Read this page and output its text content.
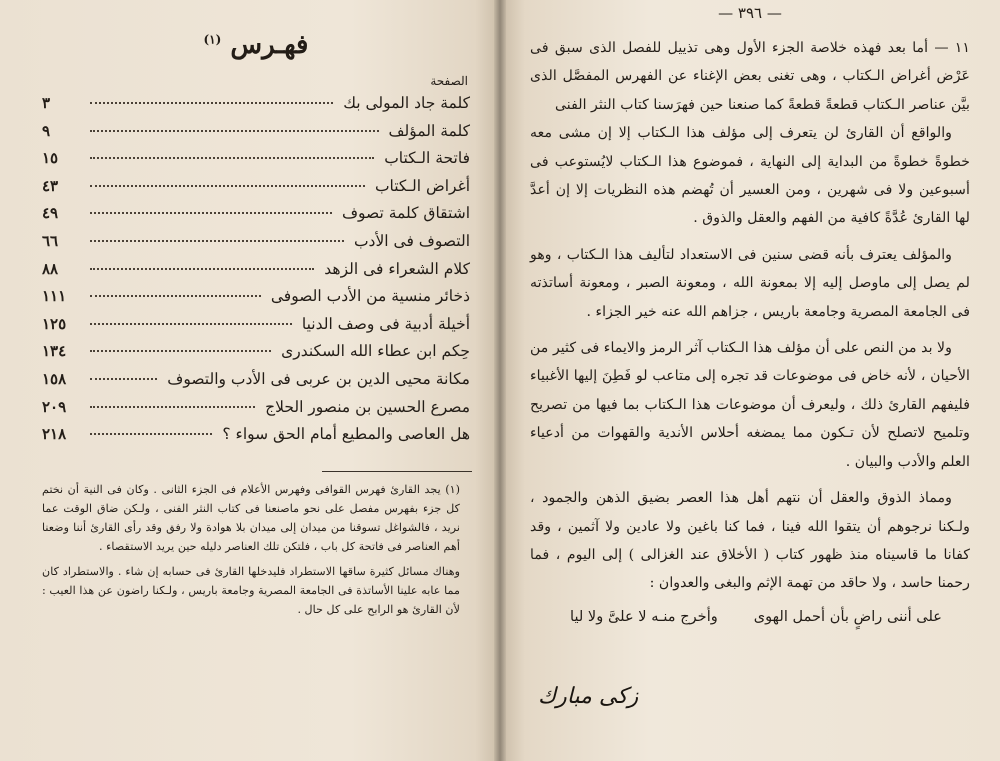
فهـرس $^{(١)}$
الصفحة
كلمة جاد المولى بك
٣
كلمة المؤلف
٩
فاتحة الـكتاب
١٥
أغراض الـكتاب
٤٣
اشتقاق كلمة تصوف
٤٩
التصوف فى الأدب
٦٦
كلام الشعراء فى الزهد
٨٨
ذخائر منسية من الأدب الصوفى
١١١
أخيلة أدبية فى وصف الدنيا
١٢٥
حِكم ابن عطاء الله السكندرى
١٣٤
مكانة محيى الدين بن عربى فى الأدب والتصوف
١٥٨
مصرع الحسين بن منصور الحلاج
٢٠٩
هل العاصى والمطيع أمام الحق سواء ؟
٢١٨

(١) يجد القارئ فهرس القوافى وفهرس الأعلام فى الجزء الثانى . وكان فى النية أن نختم كل جزء بفهرس مفصل على نحو ماصنعنا فى كتاب النثر الفنى ، ولـكن ضاق الوقت عما نريد ، فالشواغل تسوقنا من ميدان إلى ميدان بلا هوادة ولا رفق وقد رأى القارئ أننا وضعنا أهم العناصر فى فاتحة كل باب ، فلتكن تلك العناصر دليله حين يريد الاستقصاء .

وهناك مسائل كثيرة ساقها الاستطراد فليدخلها القارئ فى حسابه إن شاء . والاستطراد كان مما عابه علينا الأساتذة فى الجامعة المصرية وجامعة باريس ، ولـكنا راضون عن هذا العيب : لأن القارئ هو الرابح على كل حال .

— ٣٩٦ —

١١ — أما بعد فهذه خلاصة الجزء الأول وهى تذييل للفصل الذى سبق فى عَرْض أغراض الـكتاب ، وهى تغنى بعض الإغناء عن الفهرس المفصَّل الذى بيَّن عناصر الـكتاب قطعةً قطعةً كما صنعنا حين فهرَسنا كتاب النثر الفنى

والواقع أن القارئ لن يتعرف إلى مؤلف هذا الـكتاب إلا إن مشى معه خطوةً خطوةً من البداية إلى النهاية ، فموضوع هذا الـكتاب لايُستوعب فى أسبوعين ولا فى شهرين ، ومن العسير أن تُهضم هذه النظريات إلا إن أعدَّ لها القارئ عُدَّةً كافية من الفهم والعقل والذوق .

والمؤلف يعترف بأنه قضى سنين فى الاستعداد لتأليف هذا الـكتاب ، وهو لم يصل إلى ماوصل إليه إلا بمعونة الله ، ومعونة الصبر ، ومعونة أساتذته فى الجامعة المصرية وجامعة باريس ، جزاهم الله عنه خير الجزاء .

ولا بد من النص على أن مؤلف هذا الـكتاب آثر الرمز والايماء فى كثير من الأحيان ، لأنه خاض فى موضوعات قد تجره إلى متاعب لو فَطِنَ إليها الأغبياء فليفهم القارئ ذلك ، وليعرف أن موضوعات هذا الـكتاب بما فيها من تصريح وتلميح لاتصلح لأن تـكون مما يمضغه أحلاس الأندية والقهوات من أدعياء العلم والأدب والبيان .

ومماذ الذوق والعقل أن نتهم أهل هذا العصر بضيق الذهن والجمود ، ولـكنا نرجوهم أن يتقوا الله فينا ، فما كنا باغين ولا عادين ولا آثمين ، وقد كفانا ما قاسيناه منذ ظهور كتاب ( الأخلاق عند الغزالى ) إلى اليوم ، فما رحمنا حاسد ، ولا حاقد من تهمة الإثم والبغى والعدوان :

على أننى راضٍ بأن أحمل الهوى
وأخرج منـه لا علىَّ ولا ليا
زكى مبارك
